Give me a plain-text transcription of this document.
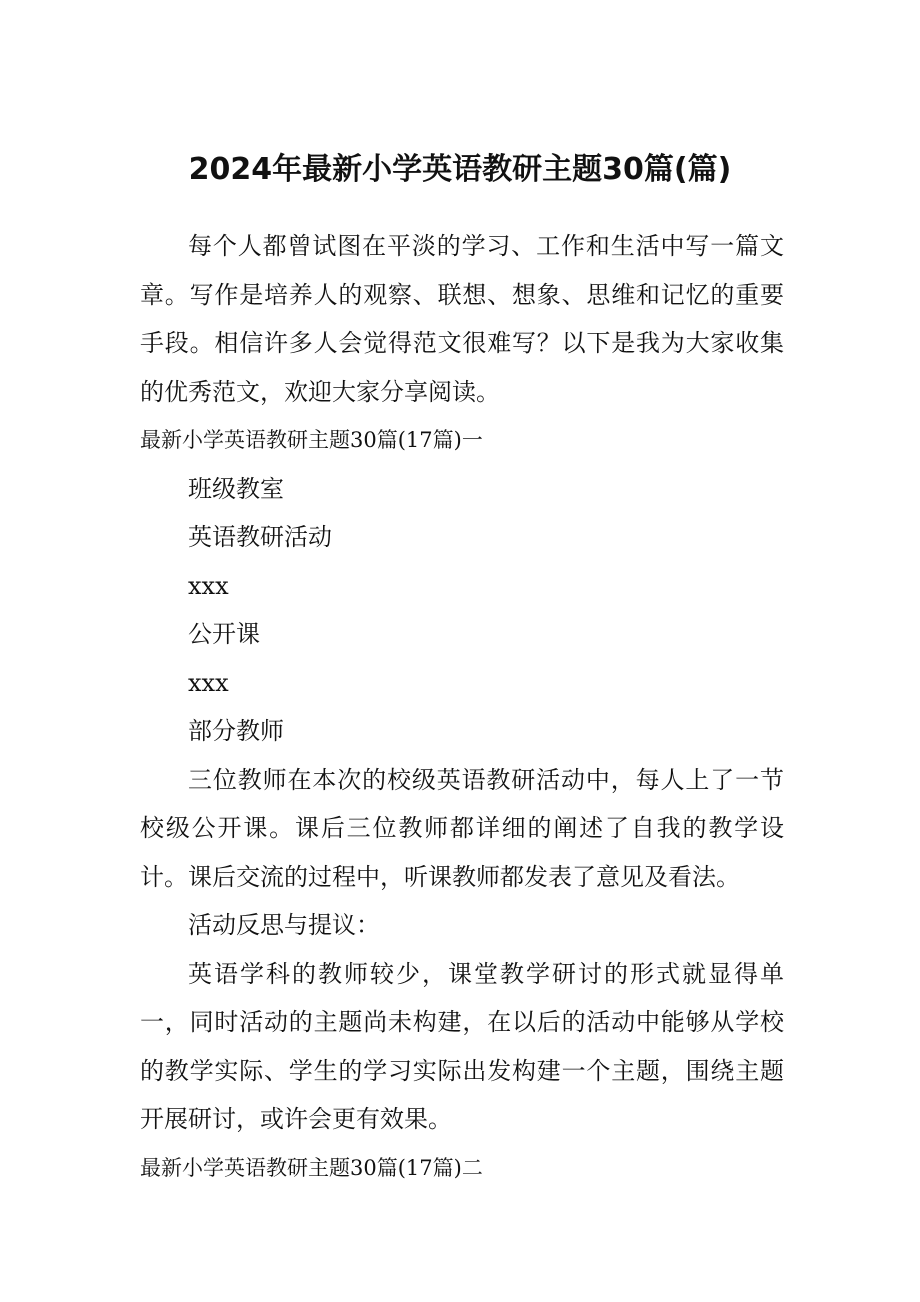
2024年最新小学英语教研主题30篇(篇)

每个人都曾试图在平淡的学习、工作和生活中写一篇文章。写作是培养人的观察、联想、想象、思维和记忆的重要手段。相信许多人会觉得范文很难写？以下是我为大家收集的优秀范文，欢迎大家分享阅读。

最新小学英语教研主题30篇(17篇)一

班级教室

英语教研活动

xxx

公开课

xxx

部分教师

三位教师在本次的校级英语教研活动中，每人上了一节校级公开课。课后三位教师都详细的阐述了自我的教学设计。课后交流的过程中，听课教师都发表了意见及看法。

活动反思与提议：

英语学科的教师较少，课堂教学研讨的形式就显得单一，同时活动的主题尚未构建，在以后的活动中能够从学校的教学实际、学生的学习实际出发构建一个主题，围绕主题开展研讨，或许会更有效果。

最新小学英语教研主题30篇(17篇)二
